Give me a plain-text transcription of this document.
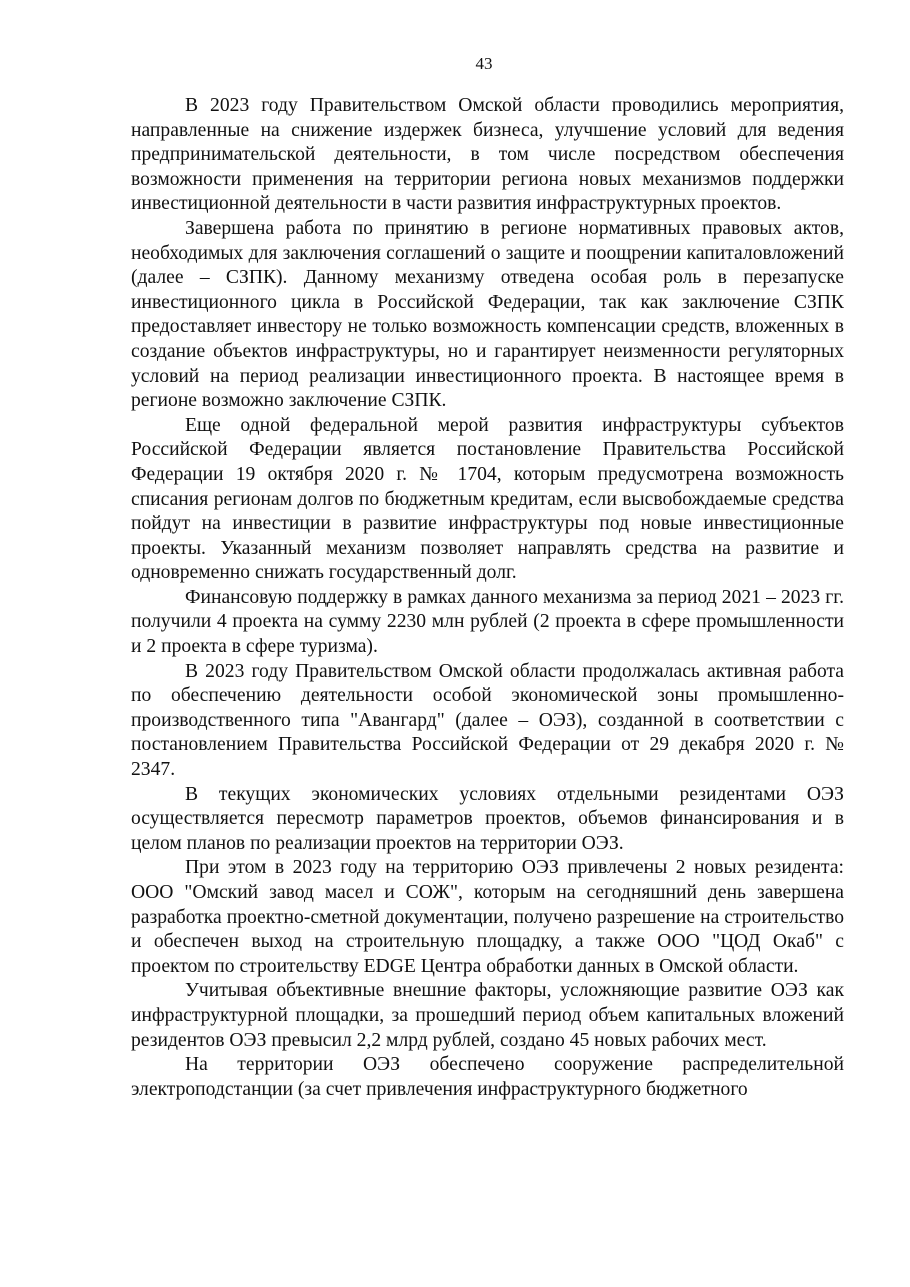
43

В 2023 году Правительством Омской области проводились мероприятия, направленные на снижение издержек бизнеса, улучшение условий для ведения предпринимательской деятельности, в том числе посредством обеспечения возможности применения на территории региона новых механизмов поддержки инвестиционной деятельности в части развития инфраструктурных проектов.

Завершена работа по принятию в регионе нормативных правовых актов, необходимых для заключения соглашений о защите и поощрении капиталовложений (далее – СЗПК). Данному механизму отведена особая роль в перезапуске инвестиционного цикла в Российской Федерации, так как заключение СЗПК предоставляет инвестору не только возможность компенсации средств, вложенных в создание объектов инфраструктуры, но и гарантирует неизменности регуляторных условий на период реализации инвестиционного проекта. В настоящее время в регионе возможно заключение СЗПК.

Еще одной федеральной мерой развития инфраструктуры субъектов Российской Федерации является постановление Правительства Российской Федерации 19 октября 2020 г. № 1704, которым предусмотрена возможность списания регионам долгов по бюджетным кредитам, если высвобождаемые средства пойдут на инвестиции в развитие инфраструктуры под новые инвестиционные проекты. Указанный механизм позволяет направлять средства на развитие и одновременно снижать государственный долг.

Финансовую поддержку в рамках данного механизма за период 2021 – 2023 гг. получили 4 проекта на сумму 2230 млн рублей (2 проекта в сфере промышленности и 2 проекта в сфере туризма).

В 2023 году Правительством Омской области продолжалась активная работа по обеспечению деятельности особой экономической зоны промышленно-производственного типа "Авангард" (далее – ОЭЗ), созданной в соответствии с постановлением Правительства Российской Федерации от 29 декабря 2020 г. № 2347.

В текущих экономических условиях отдельными резидентами ОЭЗ осуществляется пересмотр параметров проектов, объемов финансирования и в целом планов по реализации проектов на территории ОЭЗ.

При этом в 2023 году на территорию ОЭЗ привлечены 2 новых резидента: ООО "Омский завод масел и СОЖ", которым на сегодняшний день завершена разработка проектно-сметной документации, получено разрешение на строительство и обеспечен выход на строительную площадку, а также ООО "ЦОД Окаб" с проектом по строительству EDGE Центра обработки данных в Омской области.

Учитывая объективные внешние факторы, усложняющие развитие ОЭЗ как инфраструктурной площадки, за прошедший период объем капитальных вложений резидентов ОЭЗ превысил 2,2 млрд рублей, создано 45 новых рабочих мест.

На территории ОЭЗ обеспечено сооружение распределительной электроподстанции (за счет привлечения инфраструктурного бюджетного
